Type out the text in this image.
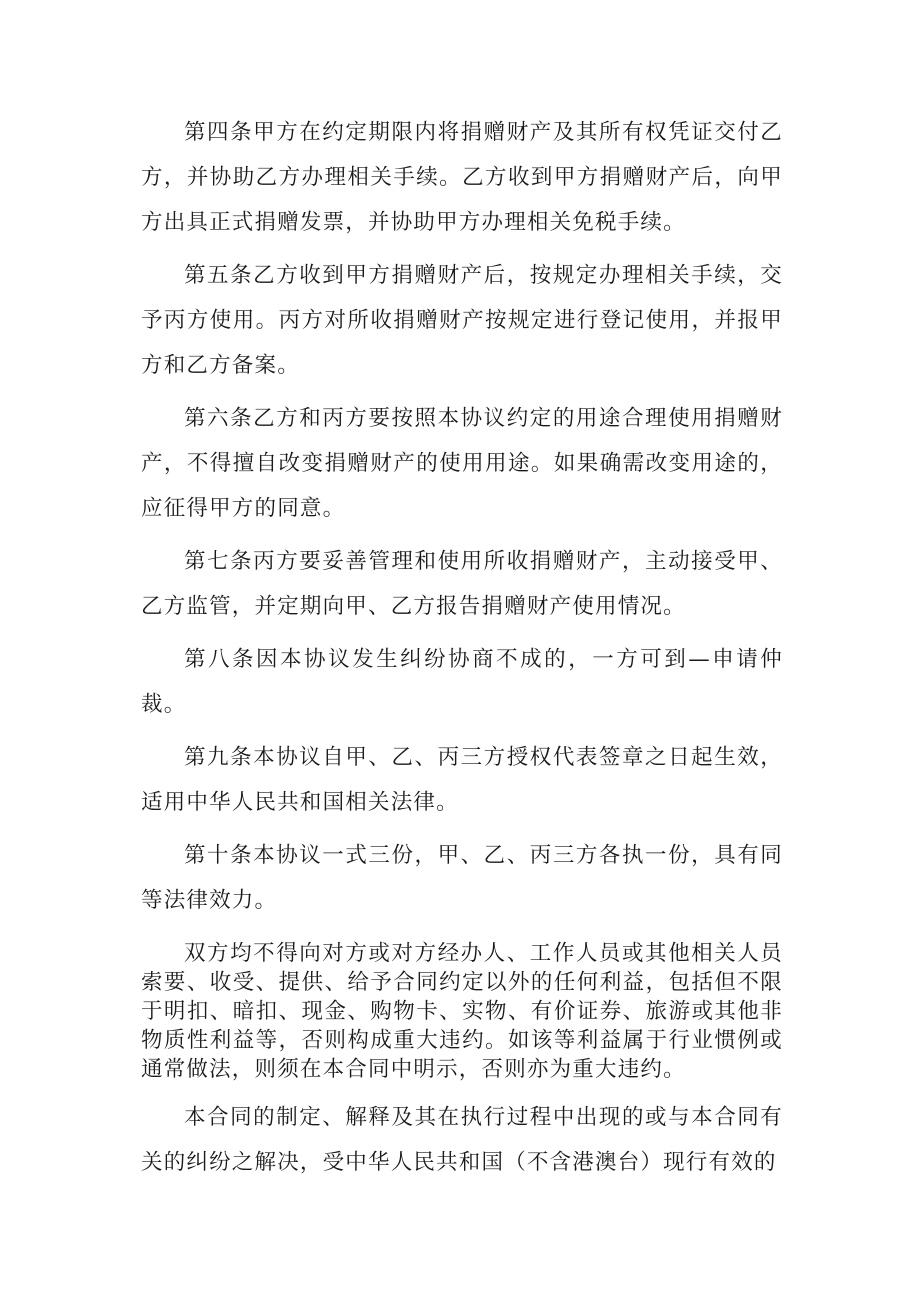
第四条甲方在约定期限内将捐赠财产及其所有权凭证交付乙方，并协助乙方办理相关手续。乙方收到甲方捐赠财产后，向甲方出具正式捐赠发票，并协助甲方办理相关免税手续。

第五条乙方收到甲方捐赠财产后，按规定办理相关手续，交予丙方使用。丙方对所收捐赠财产按规定进行登记使用，并报甲方和乙方备案。

第六条乙方和丙方要按照本协议约定的用途合理使用捐赠财产，不得擅自改变捐赠财产的使用用途。如果确需改变用途的，应征得甲方的同意。

第七条丙方要妥善管理和使用所收捐赠财产，主动接受甲、乙方监管，并定期向甲、乙方报告捐赠财产使用情况。

第八条因本协议发生纠纷协商不成的，一方可到—申请仲裁。

第九条本协议自甲、乙、丙三方授权代表签章之日起生效，适用中华人民共和国相关法律。

第十条本协议一式三份，甲、乙、丙三方各执一份，具有同等法律效力。

双方均不得向对方或对方经办人、工作人员或其他相关人员索要、收受、提供、给予合同约定以外的任何利益，包括但不限于明扣、暗扣、现金、购物卡、实物、有价证券、旅游或其他非物质性利益等，否则构成重大违约。如该等利益属于行业惯例或通常做法，则须在本合同中明示，否则亦为重大违约。

本合同的制定、解释及其在执行过程中出现的或与本合同有关的纠纷之解决，受中华人民共和国（不含港澳台）现行有效的
